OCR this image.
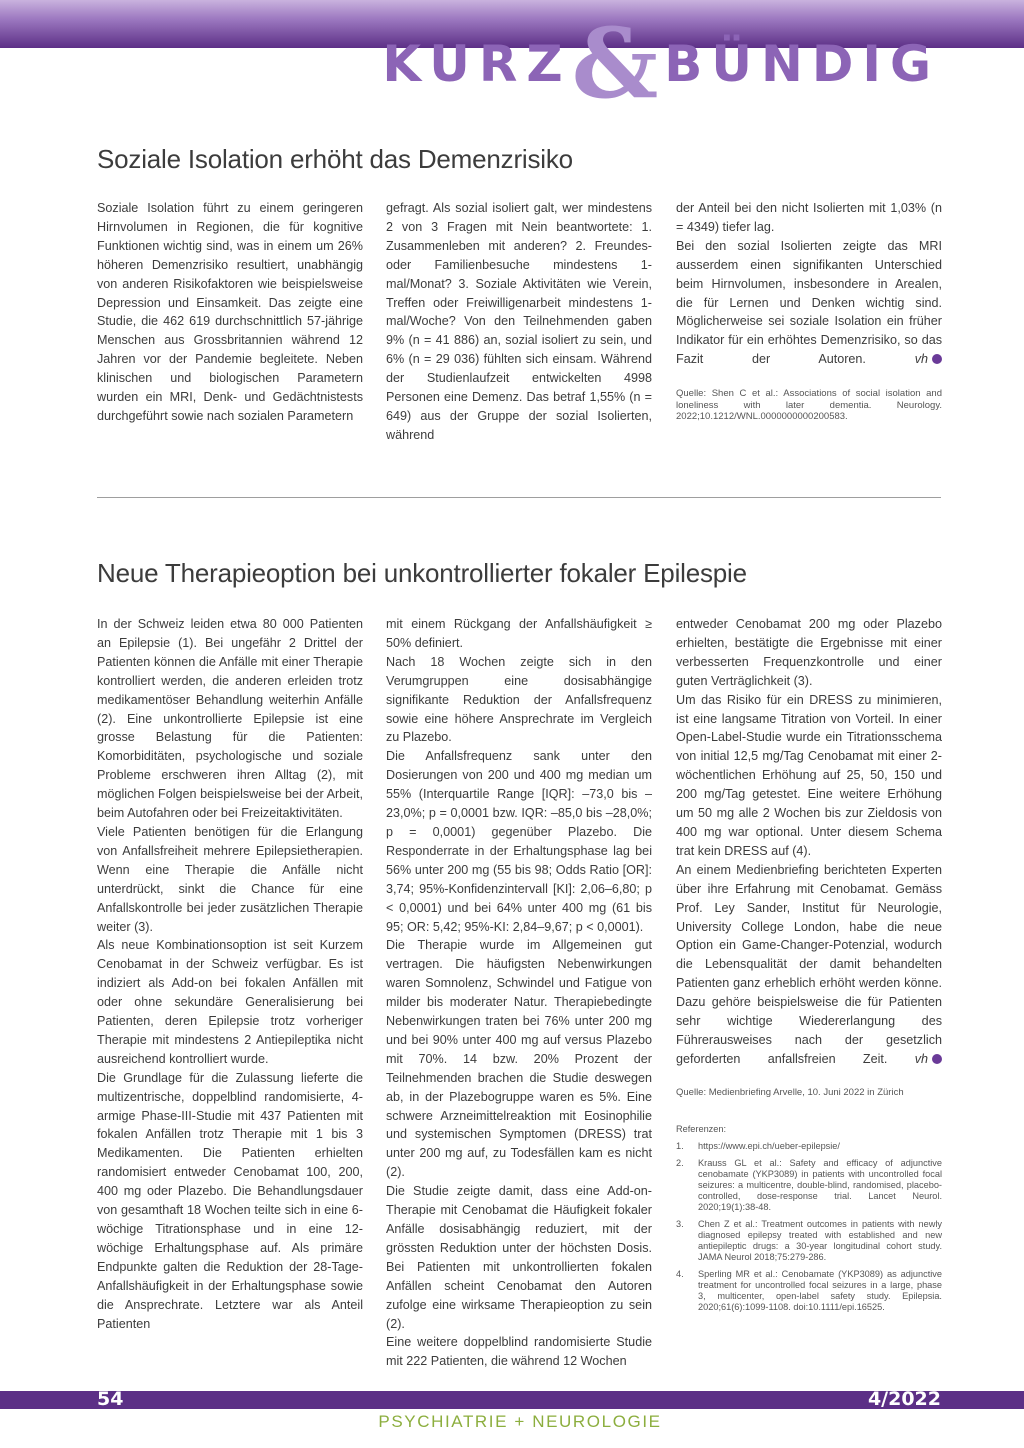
KURZ& BÜNDIG
Soziale Isolation erhöht das Demenzrisiko

Soziale Isolation führt zu einem geringeren Hirnvolumen in Regionen, die für kognitive Funktionen wichtig sind, was in einem um 26% höheren Demenzrisiko resultiert, unabhängig von anderen Risikofaktoren wie beispielsweise Depression und Einsamkeit. Das zeigte eine Studie, die 462 619 durchschnittlich 57-jährige Menschen aus Grossbritannien während 12 Jahren vor der Pandemie begleitete. Neben klinischen und biologischen Parametern wurden ein MRI, Denk- und Gedächtnistests durchgeführt sowie nach sozialen Parametern

gefragt. Als sozial isoliert galt, wer mindestens 2 von 3 Fragen mit Nein beantwortete: 1. Zusammenleben mit anderen? 2. Freundes- oder Familienbesuche mindestens 1-mal/Monat? 3. Soziale Aktivitäten wie Verein, Treffen oder Freiwilligenarbeit mindestens 1-mal/Woche? Von den Teilnehmenden gaben 9% (n = 41 886) an, sozial isoliert zu sein, und 6% (n = 29 036) fühlten sich einsam. Während der Studienlaufzeit entwickelten 4998 Personen eine Demenz. Das betraf 1,55% (n = 649) aus der Gruppe der sozial Isolierten, während

der Anteil bei den nicht Isolierten mit 1,03% (n = 4349) tiefer lag.

Bei den sozial Isolierten zeigte das MRI ausserdem einen signifikanten Unterschied beim Hirnvolumen, insbesondere in Arealen, die für Lernen und Denken wichtig sind. Möglicherweise sei soziale Isolation ein früher Indikator für ein erhöhtes Demenzrisiko, so das Fazit der Autoren.	vh

Quelle: Shen C et al.: Associations of social isolation and loneliness with later dementia. Neurology. 2022;10.1212/WNL.0000000000200583.
Neue Therapieoption bei unkontrollierter fokaler Epilespie

In der Schweiz leiden etwa 80 000 Patienten an Epilepsie (1). Bei ungefähr 2 Drittel der Patienten können die Anfälle mit einer Therapie kontrolliert werden, die anderen erleiden trotz medikamentöser Behandlung weiterhin Anfälle (2). Eine unkontrollierte Epilepsie ist eine grosse Belastung für die Patienten: Komorbiditäten, psychologische und soziale Probleme erschweren ihren Alltag (2), mit möglichen Folgen beispielsweise bei der Arbeit, beim Autofahren oder bei Freizeitaktivitäten.

Viele Patienten benötigen für die Erlangung von Anfallsfreiheit mehrere Epilepsietherapien. Wenn eine Therapie die Anfälle nicht unterdrückt, sinkt die Chance für eine Anfallskontrolle bei jeder zusätzlichen Therapie weiter (3).

Als neue Kombinationsoption ist seit Kurzem Cenobamat in der Schweiz verfügbar. Es ist indiziert als Add-on bei fokalen Anfällen mit oder ohne sekundäre Generalisierung bei Patienten, deren Epilepsie trotz vorheriger Therapie mit mindestens 2 Antiepileptika nicht ausreichend kontrolliert wurde.

Die Grundlage für die Zulassung lieferte die multizentrische, doppelblind randomisierte, 4-armige Phase-III-Studie mit 437 Patienten mit fokalen Anfällen trotz Therapie mit 1 bis 3 Medikamenten. Die Patienten erhielten randomisiert entweder Cenobamat 100, 200, 400 mg oder Plazebo. Die Behandlungsdauer von gesamthaft 18 Wochen teilte sich in eine 6-wöchige Titrationsphase und in eine 12-wöchige Erhaltungsphase auf. Als primäre Endpunkte galten die Reduktion der 28-Tage-Anfallshäufigkeit in der Erhaltungsphase sowie die Ansprechrate. Letztere war als Anteil Patienten

mit einem Rückgang der Anfallshäufigkeit ≥ 50% definiert.

Nach 18 Wochen zeigte sich in den Verumgruppen eine dosisabhängige signifikante Reduktion der Anfallsfrequenz sowie eine höhere Ansprechrate im Vergleich zu Plazebo.

Die Anfallsfrequenz sank unter den Dosierungen von 200 und 400 mg median um 55% (Interquartile Range [IQR]: –73,0 bis –23,0%; p = 0,0001 bzw. IQR: –85,0 bis –28,0%; p = 0,0001) gegenüber Plazebo. Die Responderrate in der Erhaltungsphase lag bei 56% unter 200 mg (55 bis 98; Odds Ratio [OR]: 3,74; 95%-Konfidenzintervall [KI]: 2,06–6,80; p < 0,0001) und bei 64% unter 400 mg (61 bis 95; OR: 5,42; 95%-KI: 2,84–9,67; p < 0,0001).

Die Therapie wurde im Allgemeinen gut vertragen. Die häufigsten Nebenwirkungen waren Somnolenz, Schwindel und Fatigue von milder bis moderater Natur. Therapiebedingte Nebenwirkungen traten bei 76% unter 200 mg und bei 90% unter 400 mg auf versus Plazebo mit 70%. 14 bzw. 20% Prozent der Teilnehmenden brachen die Studie deswegen ab, in der Plazebogruppe waren es 5%. Eine schwere Arzneimittelreaktion mit Eosinophilie und systemischen Symptomen (DRESS) trat unter 200 mg auf, zu Todesfällen kam es nicht (2).

Die Studie zeigte damit, dass eine Add-on-Therapie mit Cenobamat die Häufigkeit fokaler Anfälle dosisabhängig reduziert, mit der grössten Reduktion unter der höchsten Dosis. Bei Patienten mit unkontrollierten fokalen Anfällen scheint Cenobamat den Autoren zufolge eine wirksame Therapieoption zu sein (2).

Eine weitere doppelblind randomisierte Studie mit 222 Patienten, die während 12 Wochen

entweder Cenobamat 200 mg oder Plazebo erhielten, bestätigte die Ergebnisse mit einer verbesserten Frequenzkontrolle und einer guten Verträglichkeit (3).

Um das Risiko für ein DRESS zu minimieren, ist eine langsame Titration von Vorteil. In einer Open-Label-Studie wurde ein Titrationsschema von initial 12,5 mg/Tag Cenobamat mit einer 2-wöchentlichen Erhöhung auf 25, 50, 150 und 200 mg/Tag getestet. Eine weitere Erhöhung um 50 mg alle 2 Wochen bis zur Zieldosis von 400 mg war optional. Unter diesem Schema trat kein DRESS auf (4).

An einem Medienbriefing berichteten Experten über ihre Erfahrung mit Cenobamat. Gemäss Prof. Ley Sander, Institut für Neurologie, University College London, habe die neue Option ein Game-Changer-Potenzial, wodurch die Lebensqualität der damit behandelten Patienten ganz erheblich erhöht werden könne. Dazu gehöre beispielsweise die für Patienten sehr wichtige Wiedererlangung des Führerausweises nach der gesetzlich geforderten anfallsfreien Zeit. vh

Quelle: Medienbriefing Arvelle, 10. Juni 2022 in Zürich
Referenzen:
1. https://www.epi.ch/ueber-epilepsie/
2. Krauss GL et al.: Safety and efficacy of adjunctive cenobamate (YKP3089) in patients with uncontrolled focal seizures: a multicentre, double-blind, randomised, placebo-controlled, dose-response trial. Lancet Neurol. 2020;19(1):38-48.
3. Chen Z et al.: Treatment outcomes in patients with newly diagnosed epilepsy treated with established and new antiepileptic drugs: a 30-year longitudinal cohort study. JAMA Neurol 2018;75:279-286.
4. Sperling MR et al.: Cenobamate (YKP3089) as adjunctive treatment for uncontrolled focal seizures in a large, phase 3, multicenter, open-label safety study. Epilepsia. 2020;61(6):1099-1108. doi:10.1111/epi.16525.
54	4/2022
PSYCHIATRIE + NEUROLOGIE
